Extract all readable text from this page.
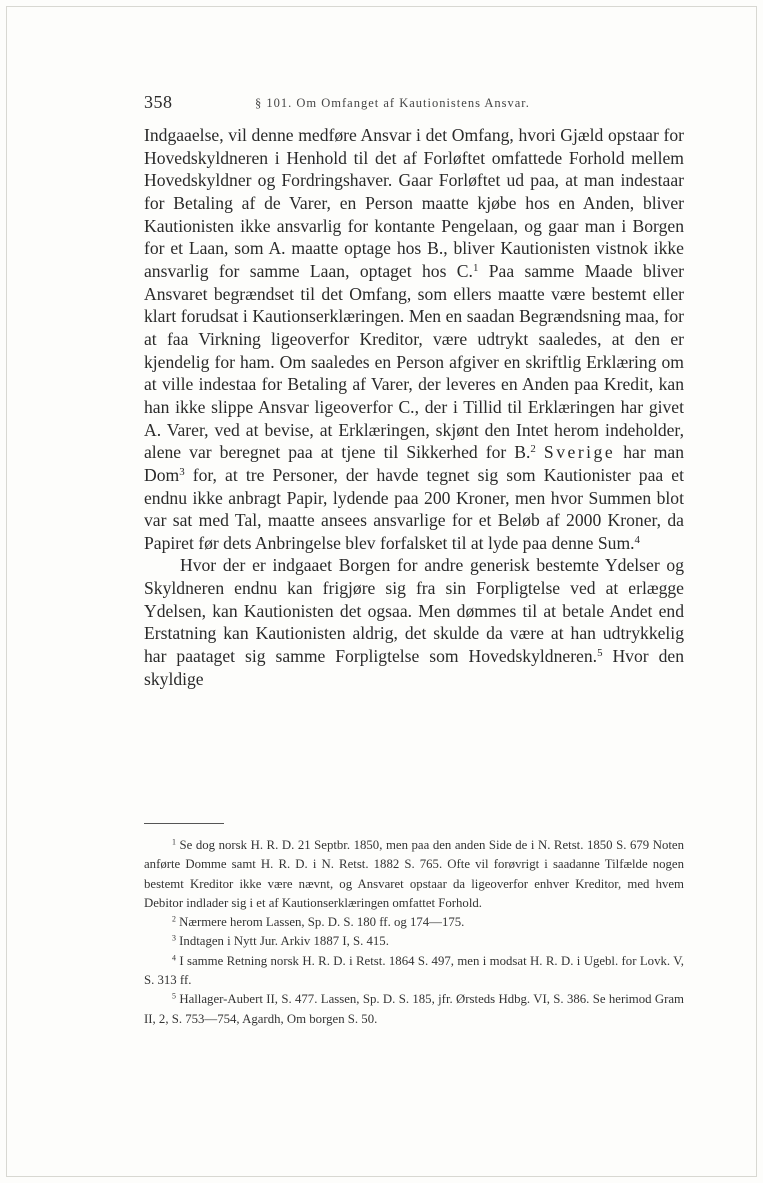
358	§ 101. Om Omfanget af Kautionistens Ansvar.

Indgaaelse, vil denne medføre Ansvar i det Omfang, hvori Gjæld opstaar for Hovedskyldneren i Henhold til det af Forløftet omfattede Forhold mellem Hovedskyldner og Fordringshaver. Gaar Forløftet ud paa, at man indestaar for Betaling af de Varer, en Person maatte kjøbe hos en Anden, bliver Kautionisten ikke ansvarlig for kontante Pengelaan, og gaar man i Borgen for et Laan, som A. maatte optage hos B., bliver Kautionisten vistnok ikke ansvarlig for samme Laan, optaget hos C.$^1$ Paa samme Maade bliver Ansvaret begrændset til det Omfang, som ellers maatte være bestemt eller klart forudsat i Kautionserklæringen. Men en saadan Begrændsning maa, for at faa Virkning ligeoverfor Kreditor, være udtrykt saaledes, at den er kjendelig for ham. Om saaledes en Person afgiver en skriftlig Erklæring om at ville indestaa for Betaling af Varer, der leveres en Anden paa Kredit, kan han ikke slippe Ansvar ligeoverfor C., der i Tillid til Erklæringen har givet A. Varer, ved at bevise, at Erklæringen, skjønt den Intet herom indeholder, alene var beregnet paa at tjene til Sikkerhed for B.$^2$ Sverige har man Dom$^3$ for, at tre Personer, der havde tegnet sig som Kautionister paa et endnu ikke anbragt Papir, lydende paa 200 Kroner, men hvor Summen blot var sat med Tal, maatte ansees ansvarlige for et Beløb af 2000 Kroner, da Papiret før dets Anbringelse blev forfalsket til at lyde paa denne Sum.$^4$

Hvor der er indgaaet Borgen for andre generisk bestemte Ydelser og Skyldneren endnu kan frigjøre sig fra sin Forpligtelse ved at erlægge Ydelsen, kan Kautionisten det ogsaa. Men dømmes til at betale Andet end Erstatning kan Kautionisten aldrig, det skulde da være at han udtrykkelig har paataget sig samme Forpligtelse som Hovedskyldneren.$^5$ Hvor den skyldige

$^1$ Se dog norsk H. R. D. 21 Septbr. 1850, men paa den anden Side de i N. Retst. 1850 S. 679 Noten anførte Domme samt H. R. D. i N. Retst. 1882 S. 765. Ofte vil forøvrigt i saadanne Tilfælde nogen bestemt Kreditor ikke være nævnt, og Ansvaret opstaar da ligeoverfor enhver Kreditor, med hvem Debitor indlader sig i et af Kautionserklæringen omfattet Forhold.

$^2$ Nærmere herom Lassen, Sp. D. S. 180 ff. og 174—175.

$^3$ Indtagen i Nytt Jur. Arkiv 1887 I, S. 415.

$^4$ I samme Retning norsk H. R. D. i Retst. 1864 S. 497, men i modsat H. R. D. i Ugebl. for Lovk. V, S. 313 ff.

$^5$ Hallager-Aubert II, S. 477. Lassen, Sp. D. S. 185, jfr. Ørsteds Hdbg. VI, S. 386. Se herimod Gram II, 2, S. 753—754, Agardh, Om borgen S. 50.
